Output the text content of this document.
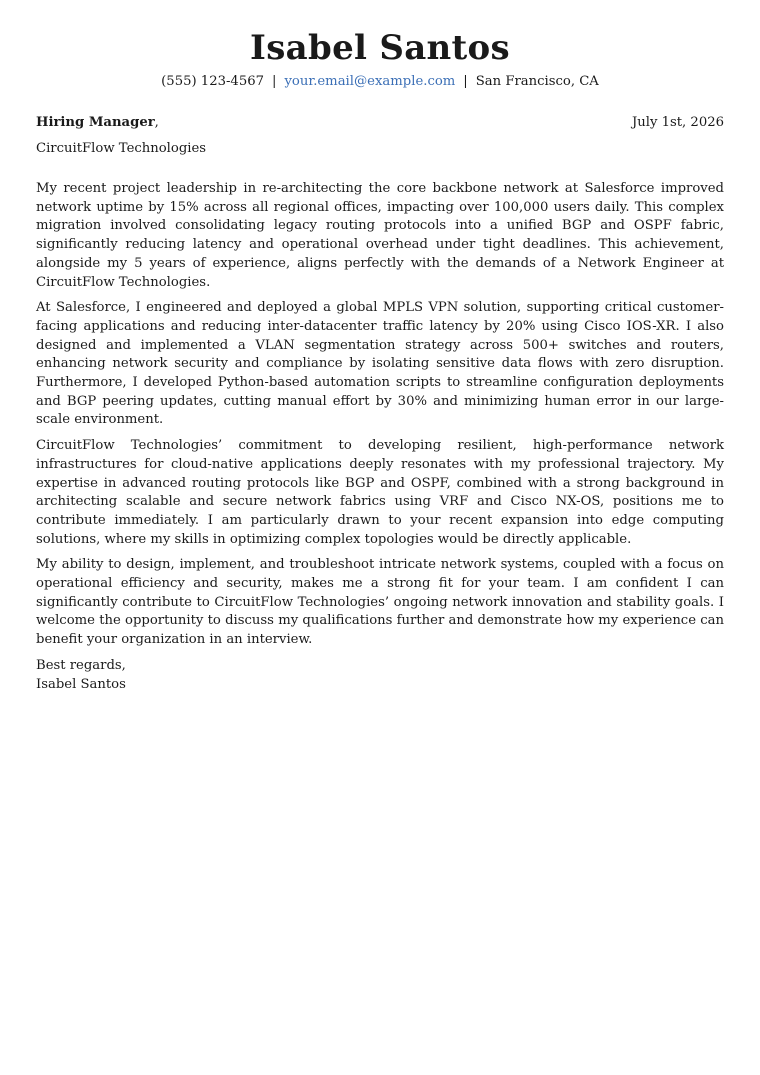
Isabel Santos
(555) 123-4567 | your.email@example.com | San Francisco, CA
Hiring Manager,	July 1st, 2026
CircuitFlow Technologies

My recent project leadership in re-architecting the core backbone network at Salesforce improved network uptime by 15% across all regional offices, impacting over 100,000 users daily. This complex migration involved consolidating legacy routing protocols into a unified BGP and OSPF fabric, significantly reducing latency and operational overhead under tight deadlines. This achievement, alongside my 5 years of experience, aligns perfectly with the demands of a Network Engineer at CircuitFlow Technologies.

At Salesforce, I engineered and deployed a global MPLS VPN solution, supporting critical customer-facing applications and reducing inter-datacenter traffic latency by 20% using Cisco IOS-XR. I also designed and implemented a VLAN segmentation strategy across 500+ switches and routers, enhancing network security and compliance by isolating sensitive data flows with zero disruption. Furthermore, I developed Python-based automation scripts to streamline configuration deployments and BGP peering updates, cutting manual effort by 30% and minimizing human error in our large-scale environment.

CircuitFlow Technologies’ commitment to developing resilient, high-performance network infrastructures for cloud-native applications deeply resonates with my professional trajectory. My expertise in advanced routing protocols like BGP and OSPF, combined with a strong background in architecting scalable and secure network fabrics using VRF and Cisco NX-OS, positions me to contribute immediately. I am particularly drawn to your recent expansion into edge computing solutions, where my skills in optimizing complex topologies would be directly applicable.

My ability to design, implement, and troubleshoot intricate network systems, coupled with a focus on operational efficiency and security, makes me a strong fit for your team. I am confident I can significantly contribute to CircuitFlow Technologies’ ongoing network innovation and stability goals. I welcome the opportunity to discuss my qualifications further and demonstrate how my experience can benefit your organization in an interview.

Best regards,
Isabel Santos
